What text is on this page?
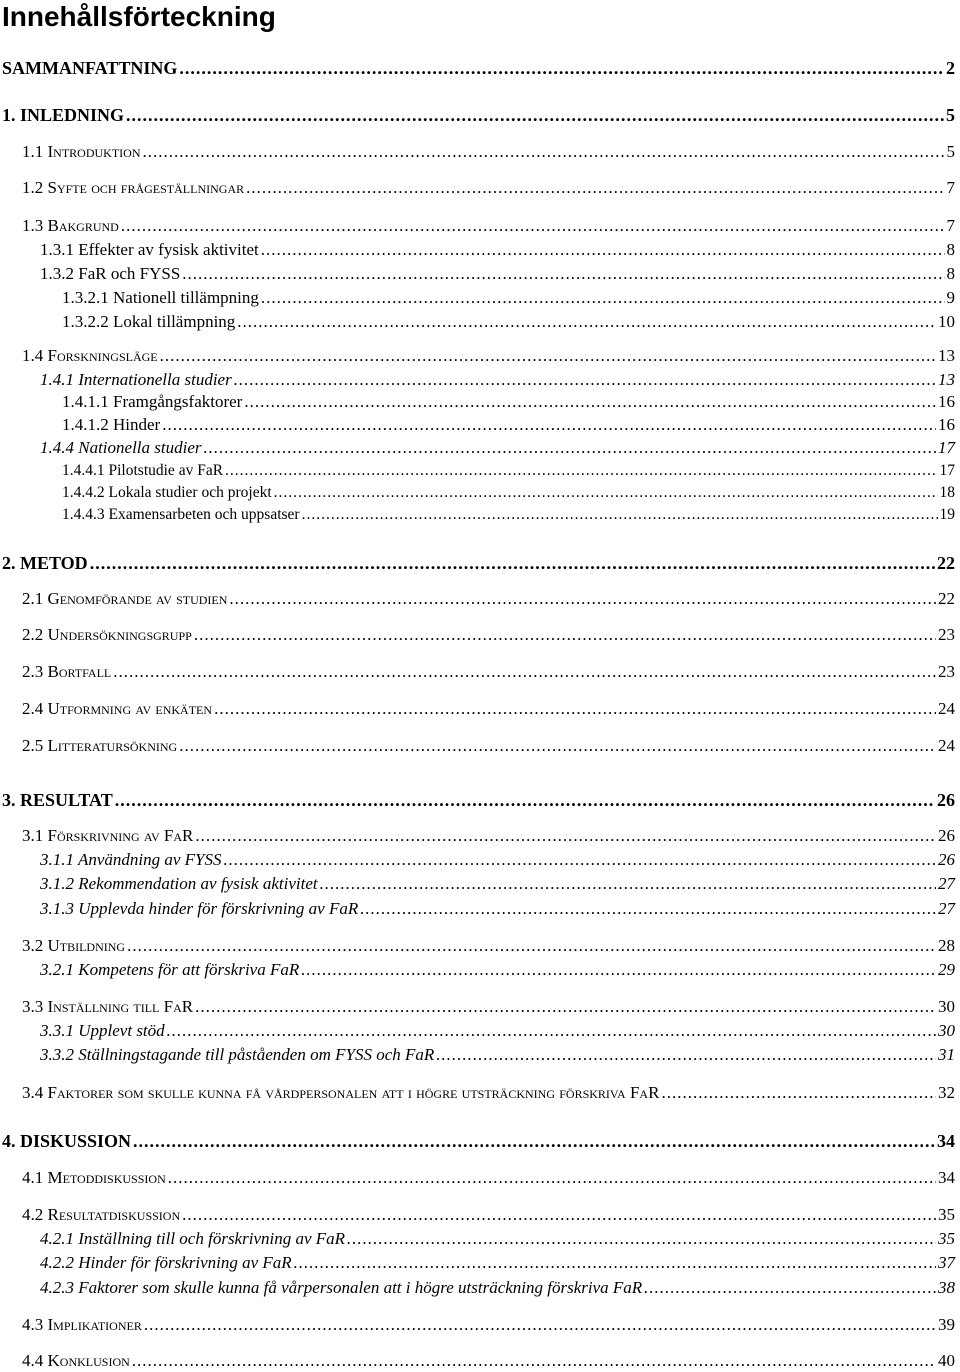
Innehållsförteckning
SAMMANFATTNING .....	2
1. INLEDNING .....	5
1.1 Introduktion .....	5
1.2 Syfte och frågeställningar .....	7
1.3 Bakgrund .....	7
1.3.1 Effekter av fysisk aktivitet .....	8
1.3.2 FaR och FYSS .....	8
1.3.2.1 Nationell tillämpning .....	9
1.3.2.2 Lokal tillämpning .....	10
1.4 Forskningsläge .....	13
1.4.1 Internationella studier .....	13
1.4.1.1 Framgångsfaktorer .....	16
1.4.1.2 Hinder .....	16
1.4.4 Nationella studier .....	17
1.4.4.1 Pilotstudie av FaR .....	17
1.4.4.2 Lokala studier och projekt .....	18
1.4.4.3 Examensarbeten och uppsatser .....	19
2. METOD .....	22
2.1 Genomförande av studien .....	22
2.2 Undersökningsgrupp .....	23
2.3 Bortfall .....	23
2.4 Utformning av enkäten .....	24
2.5 Litteratursökning .....	24
3. RESULTAT .....	26
3.1 Förskrivning av FaR .....	26
3.1.1 Användning av FYSS .....	26
3.1.2 Rekommendation av fysisk aktivitet .....	27
3.1.3 Upplevda hinder för förskrivning av FaR .....	27
3.2 Utbildning .....	28
3.2.1 Kompetens för att förskriva FaR .....	29
3.3 Inställning till FaR .....	30
3.3.1 Upplevt stöd .....	30
3.3.2 Ställningstagande till påståenden om FYSS och FaR .....	31
3.4 Faktorer som skulle kunna få vårdpersonalen att i högre utsträckning förskriva FaR .....	32
4. DISKUSSION .....	34
4.1 Metoddiskussion .....	34
4.2 Resultatdiskussion .....	35
4.2.1 Inställning till och förskrivning av FaR .....	35
4.2.2 Hinder för förskrivning av FaR .....	37
4.2.3 Faktorer som skulle kunna få vårpersonalen att i högre utsträckning förskriva FaR .....	38
4.3 Implikationer .....	39
4.4 Konklusion .....	40
